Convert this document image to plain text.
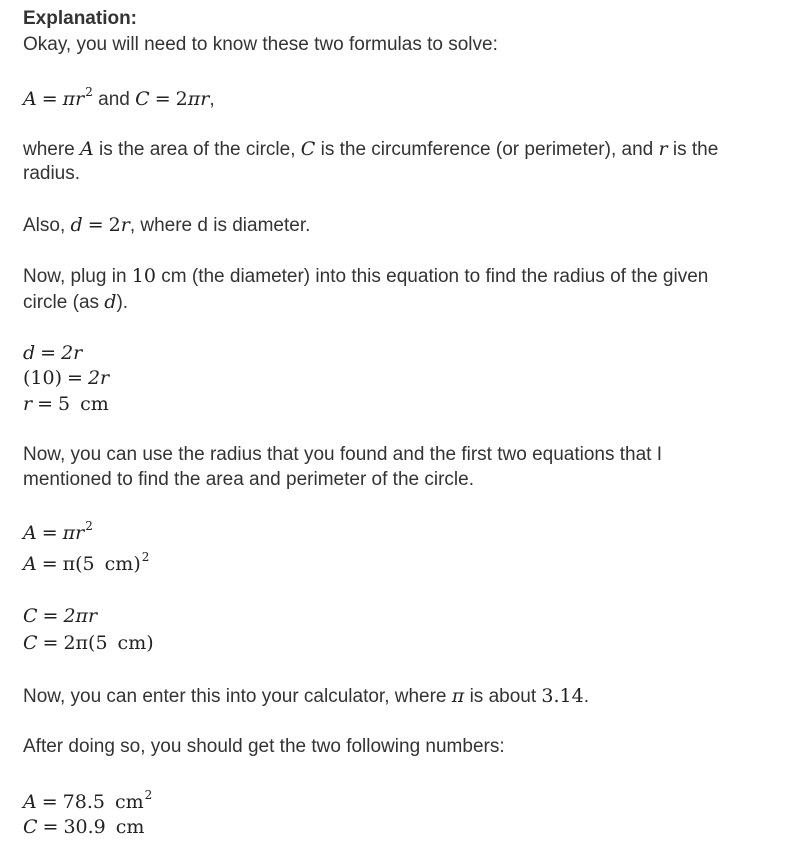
Explanation:
Okay, you will need to know these two formulas to solve:
$A = \pi r^2$ and C = 2πr,
where A is the area of the circle, C is the circumference (or perimeter), and r is the
radius.
Also, d = 2r, where d is diameter.
Now, plug in 10 cm (the diameter) into this equation to find the radius of the given
circle (as d).
d = 2r
(10) = 2r
r = 5 cm
Now, you can use the radius that you found and the first two equations that I
mentioned to find the area and perimeter of the circle.
$A = \pi r^2$
A = π(5 cm)$^2$
C = 2πr
C = 2π(5 cm)
Now, you can enter this into your calculator, where π is about 3.14.
After doing so, you should get the two following numbers:
A = 78.5 $cm^2$
C = 30.9 cm
